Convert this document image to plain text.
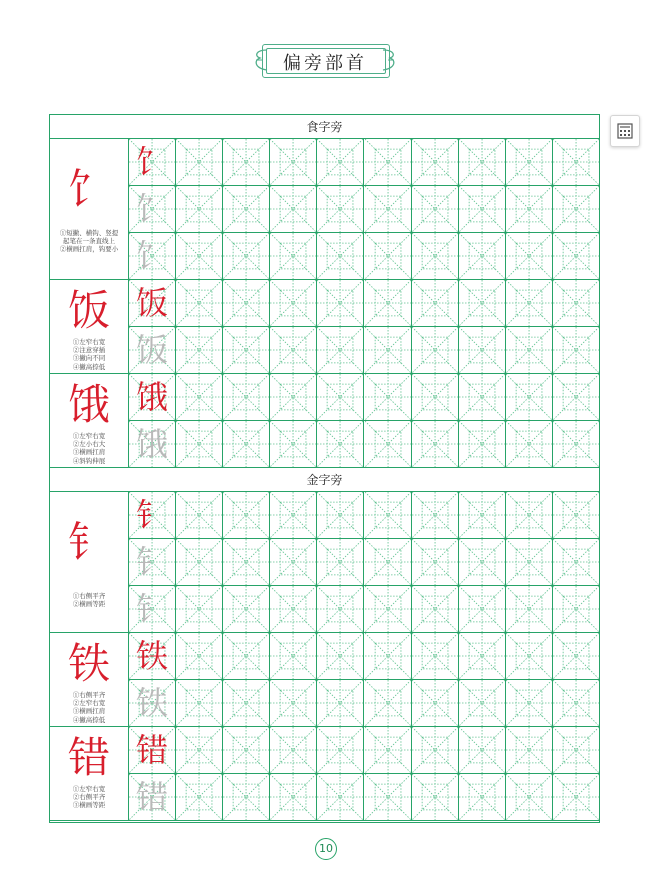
偏旁部首
食字旁
饣
①短撇、横钩、竖提
起笔在一条直线上
②横画扛肩，钩要小
饣
饣
饣
饭
①左窄右宽
②注意穿插
③撇向不同
④撇高捺低
饭
饭
饿
①左窄右宽
②左小右大
③横画扛肩
④斜钩伸展
饿
饿
金字旁
钅
①右侧平齐
②横画等距
钅
钅
钅
铁
①右侧平齐
②左窄右宽
③横画扛肩
④撇高捺低
铁
铁
错
①左窄右宽
②右侧平齐
③横画等距
错
错
10
